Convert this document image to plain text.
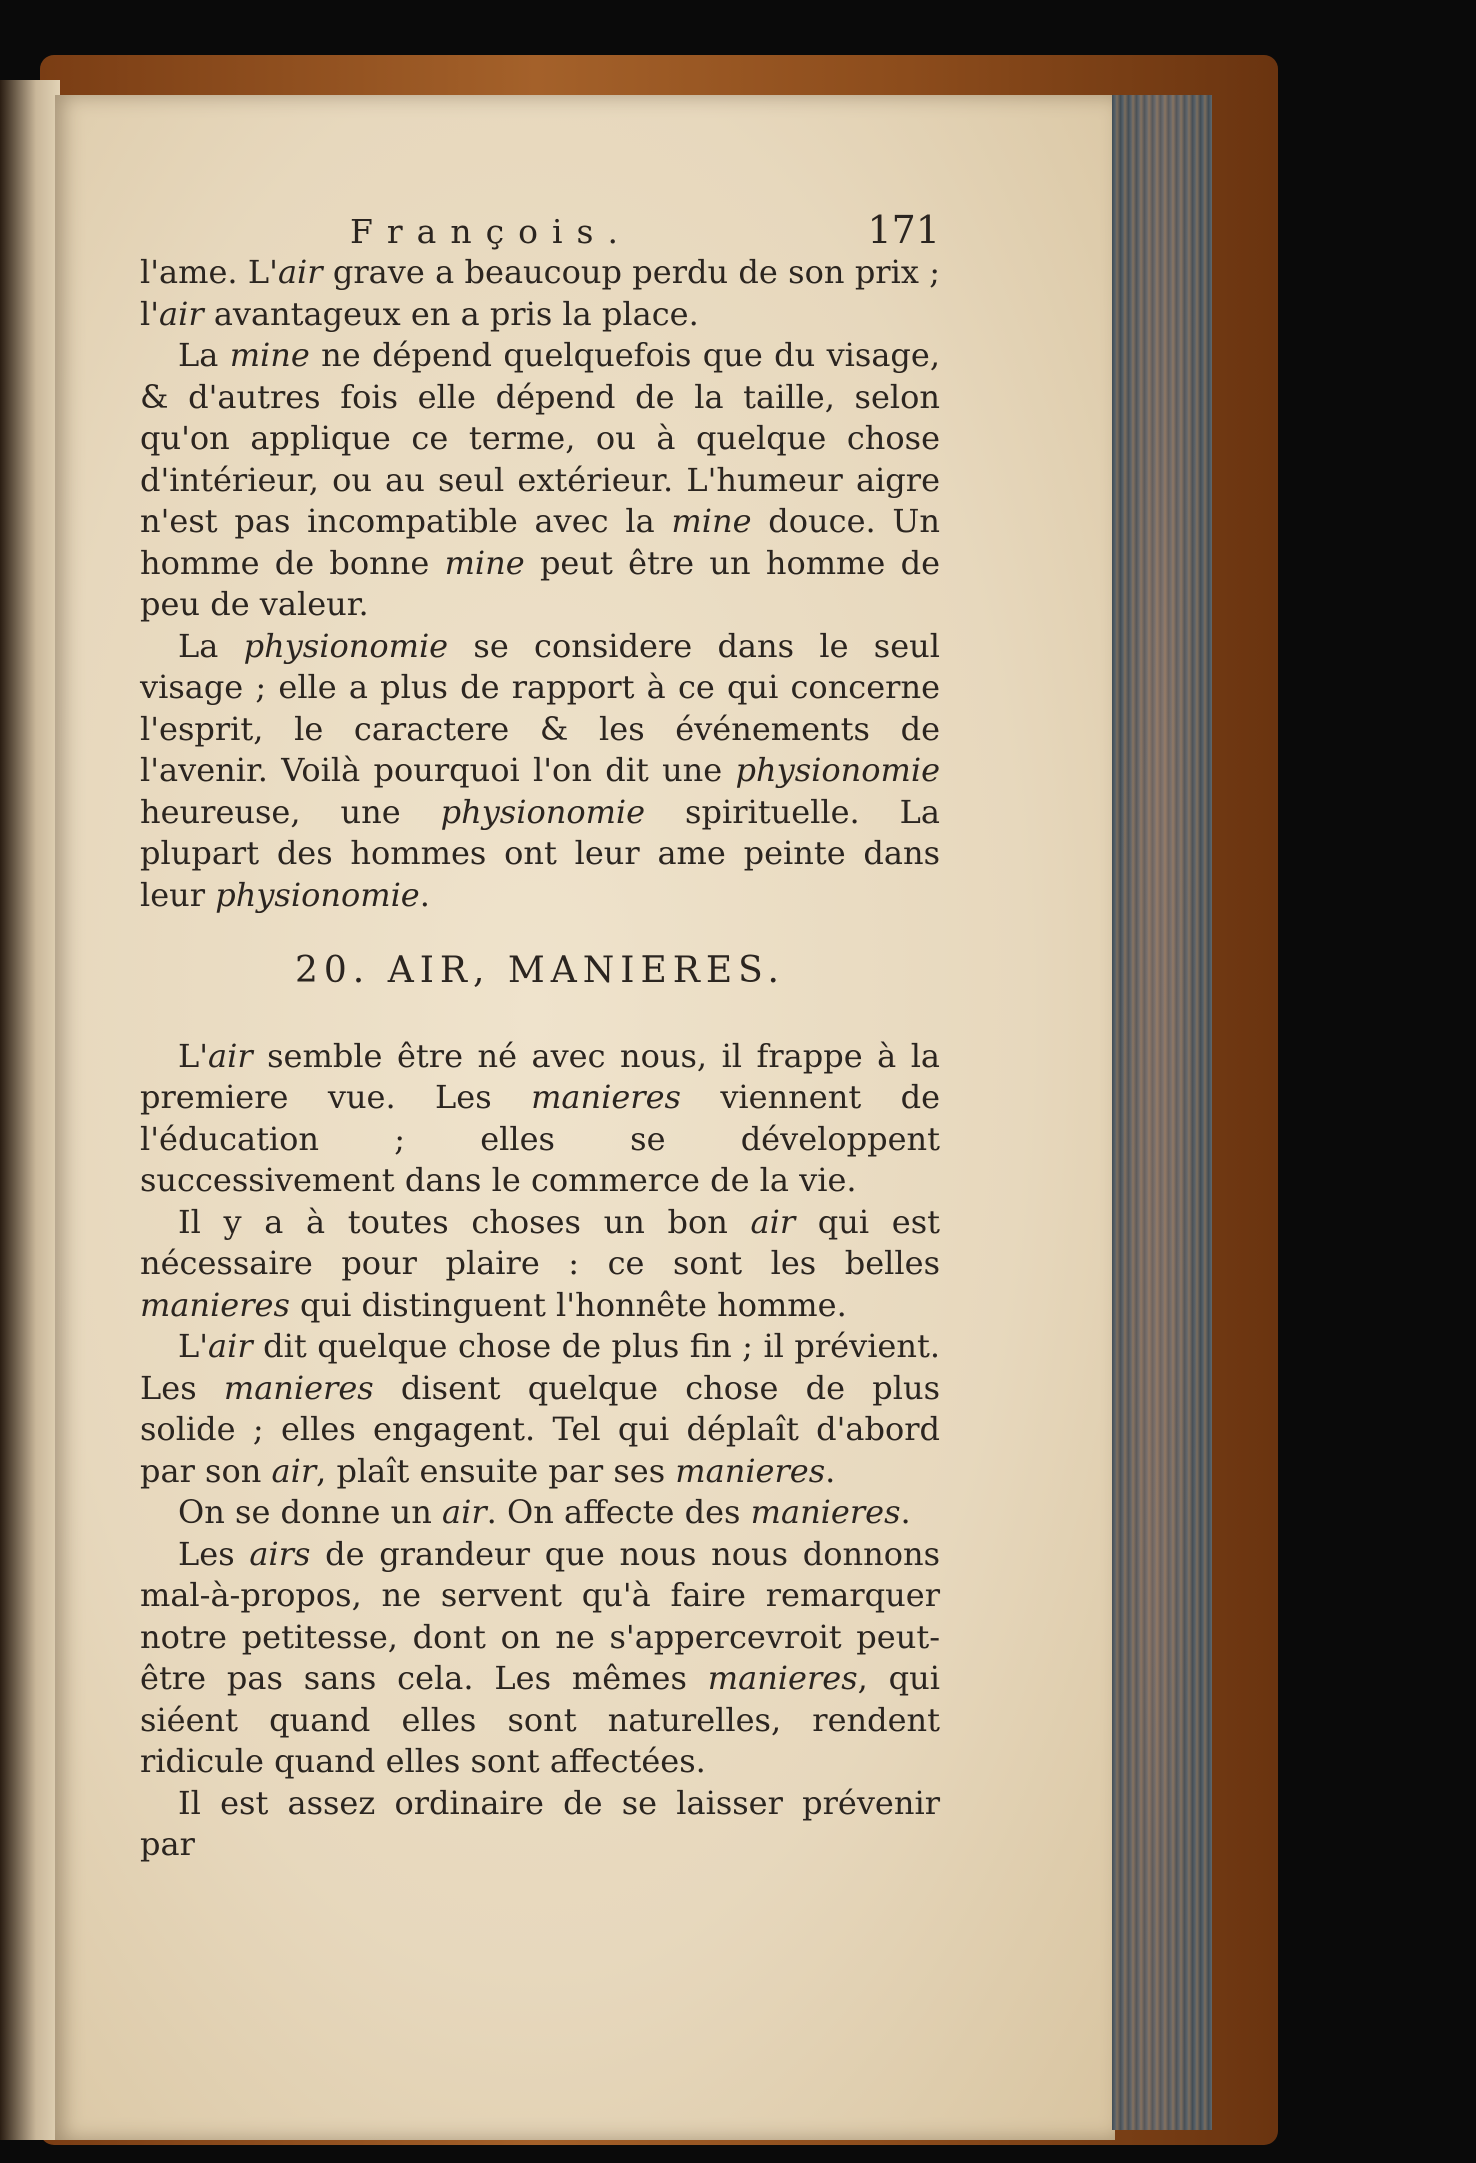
François.	171

l'ame. L'air grave a beaucoup perdu de son prix ; l'air avantageux en a pris la place.

La mine ne dépend quelquefois que du visage, & d'autres fois elle dépend de la taille, selon qu'on applique ce terme, ou à quelque chose d'intérieur, ou au seul extérieur. L'humeur aigre n'est pas incompatible avec la mine douce. Un homme de bonne mine peut être un homme de peu de valeur.

La physionomie se considere dans le seul visage ; elle a plus de rapport à ce qui concerne l'esprit, le caractere & les événements de l'avenir. Voilà pourquoi l'on dit une physionomie heureuse, une physionomie spirituelle. La plupart des hommes ont leur ame peinte dans leur physionomie.

20. AIR, MANIERES.

L'air semble être né avec nous, il frappe à la premiere vue. Les manieres viennent de l'éducation ; elles se développent successivement dans le commerce de la vie.

Il y a à toutes choses un bon air qui est nécessaire pour plaire : ce sont les belles manieres qui distinguent l'honnête homme.

L'air dit quelque chose de plus fin ; il prévient. Les manieres disent quelque chose de plus solide ; elles engagent. Tel qui déplaît d'abord par son air, plaît ensuite par ses manieres.

On se donne un air. On affecte des manieres.

Les airs de grandeur que nous nous donnons mal-à-propos, ne servent qu'à faire remarquer notre petitesse, dont on ne s'appercevroit peut-être pas sans cela. Les mêmes manieres, qui siéent quand elles sont naturelles, rendent ridicule quand elles sont affectées.

Il est assez ordinaire de se laisser prévenir par
